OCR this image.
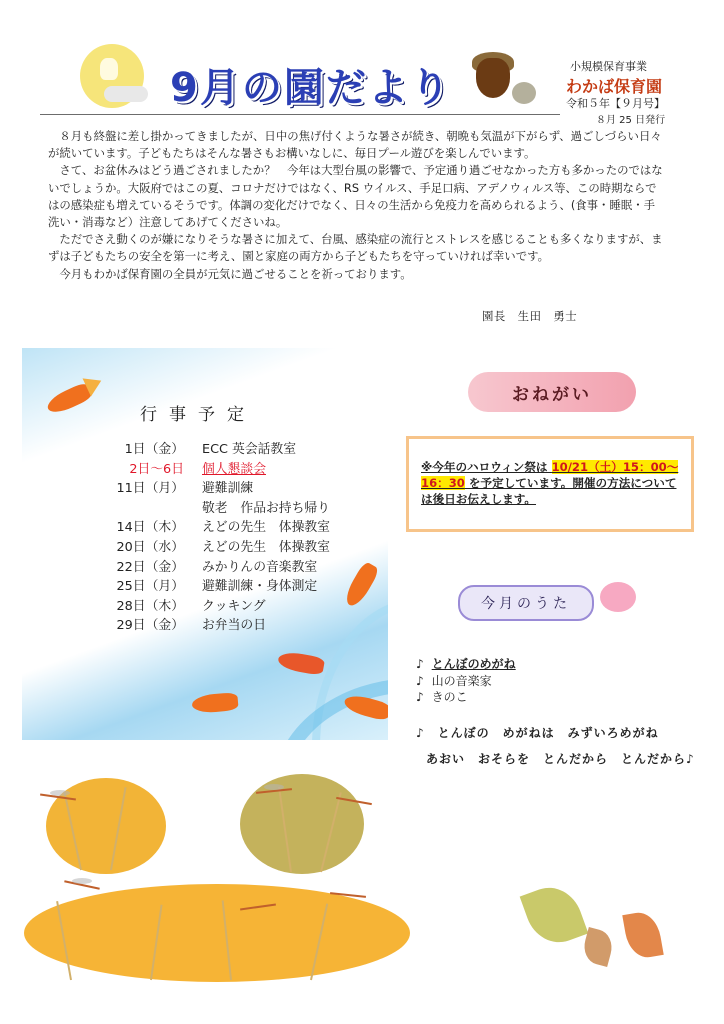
9月の園だより	小規模保育事業
わかば保育園
令和５年【９月号】
８月 25 日発行

８月も終盤に差し掛かってきましたが、日中の焦げ付くような暑さが続き、朝晩も気温が下がらず、過ごしづらい日々が続いています。子どもたちはそんな暑さもお構いなしに、毎日プール遊びを楽しんでいます。

さて、お盆休みはどう過ごされましたか？　今年は大型台風の影響で、予定通り過ごせなかった方も多かったのではないでしょうか。大阪府ではこの夏、コロナだけではなく、RS ウイルス、手足口病、アデノウィルス等、この時期ならではの感染症も増えているそうです。体調の変化だけでなく、日々の生活から免疫力を高められるよう、(食事・睡眠・手洗い・消毒など）注意してあげてくださいね。

ただでさえ動くのが嫌になりそうな暑さに加えて、台風、感染症の流行とストレスを感じることも多くなりますが、まずは子どもたちの安全を第一に考え、園と家庭の両方から子どもたちを守っていければ幸いです。

今月もわかば保育園の全員が元気に過ごせることを祈っております。

園長　生田　勇士
行事予定
1日（金）	ECC 英会話教室
2日～6日	個人懇談会
11日（月）	避難訓練
敬老　作品お持ち帰り
14日（木）	えどの先生　体操教室
20日（水）	えどの先生　体操教室
22日（金）	みかりんの音楽教室
25日（月）	避難訓練・身体測定
28日（木）	クッキング
29日（金）	お弁当の日
おねがい
※今年のハロウィン祭は 10/21（土）15：00～ 16：30 を予定しています。開催の方法については後日お伝えします。
今月のうた
♪ とんぼのめがね
♪ 山の音楽家
♪ きのこ
♪　とんぼの　めがねは　みずいろめがね
あおい　おそらを　とんだから　とんだから♪
